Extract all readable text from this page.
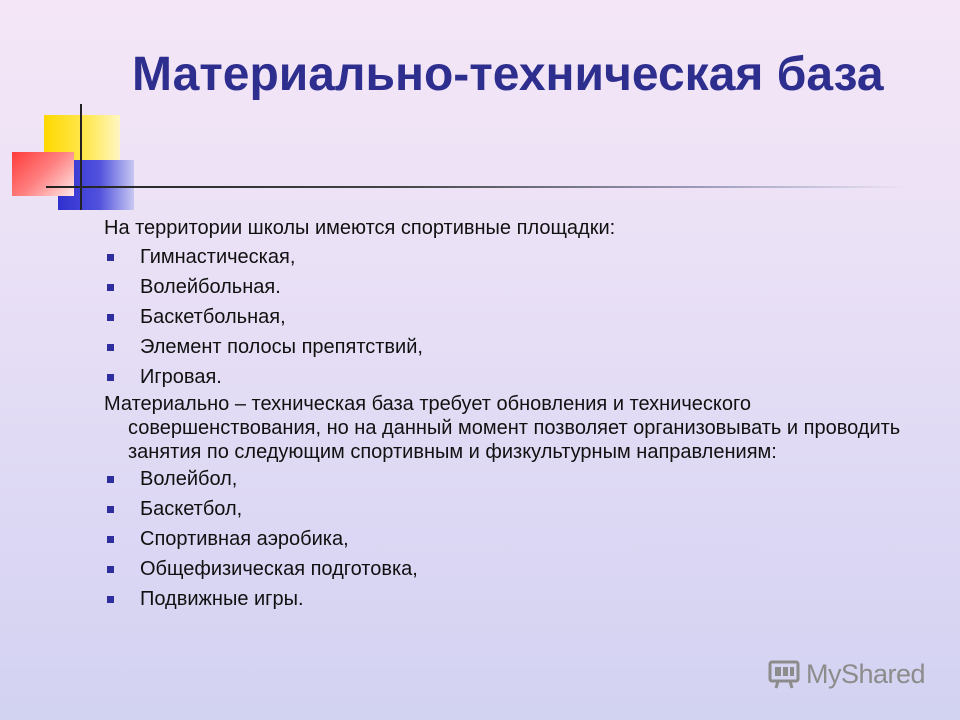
Материально-техническая база

На территории школы имеются спортивные площадки:

Гимнастическая,
Волейбольная.
Баскетбольная,
Элемент полосы препятствий,
Игровая.

Материально – техническая база требует обновления и технического совершенствования, но на данный момент позволяет организовывать и проводить занятия по следующим спортивным и физкультурным направлениям:

Волейбол,
Баскетбол,
Спортивная аэробика,
Общефизическая подготовка,
Подвижные игры.
MyShared
